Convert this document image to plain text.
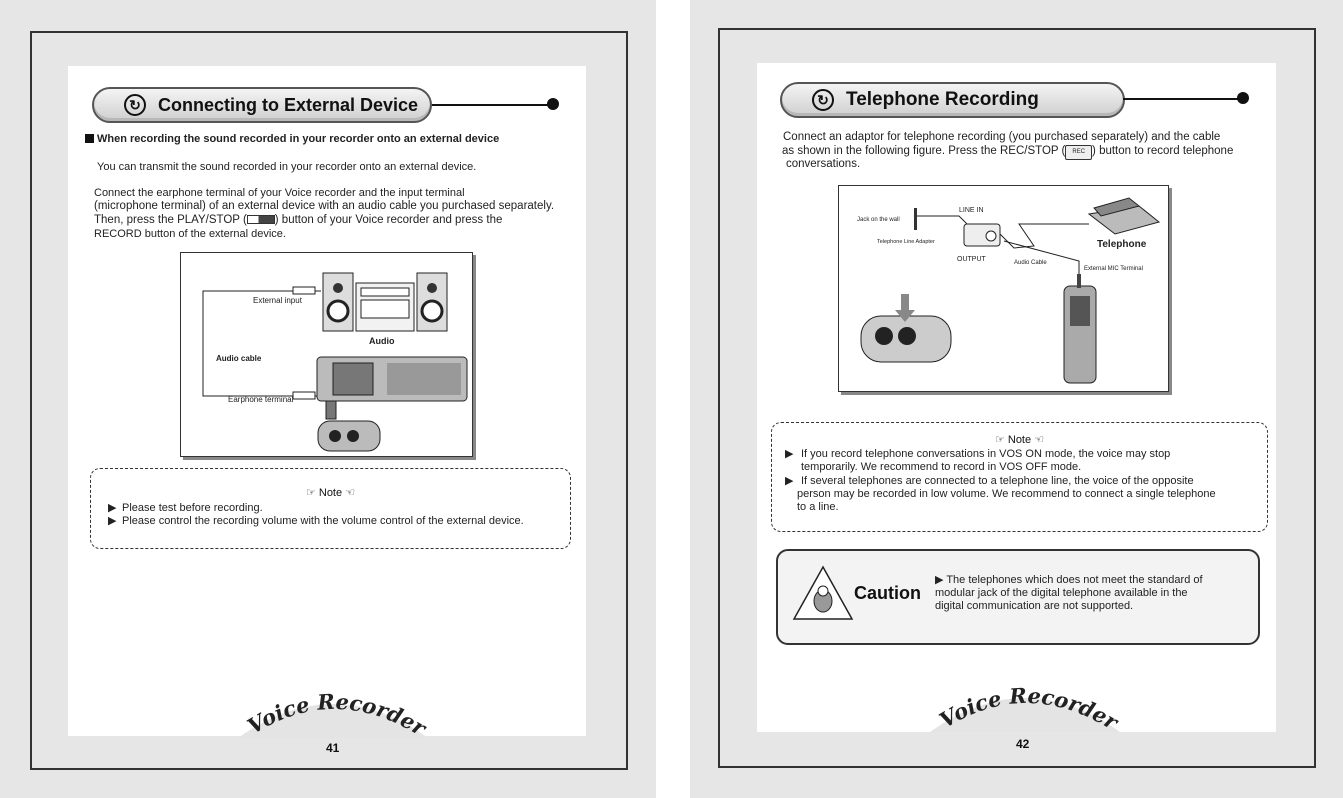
↻ Connecting to External Device
When recording the sound recorded in your recorder onto an external device
You can transmit the sound recorded in your recorder onto an external device.
Connect the earphone terminal of your Voice recorder and the input terminal
(microphone terminal) of an external device with an audio cable you purchased separately.
Then, press the PLAY/STOP ( ) button of your Voice recorder and press the
RECORD button of the external device.
External input
Audio
Audio cable
Earphone terminal
☞ Note ☜
▶ Please test before recording.
▶ Please control the recording volume with the volume control of the external device.
Voice Recorder
41
↻ Telephone Recording
Connect an adaptor for telephone recording (you purchased separately) and the cable
as shown in the following figure. Press the REC/STOP ( REC ) button to record telephone
conversations.
Jack on the wall
LINE IN
Telephone Line Adapter
OUTPUT	Audio Cable
Telephone
External MIC Terminal
☞ Note ☜
▶ If you record telephone conversations in VOS ON mode, the voice may stop
temporarily. We recommend to record in VOS OFF mode.
▶ If several telephones are connected to a telephone line, the voice of the opposite
person may be recorded in low volume. We recommend to connect a single telephone
to a line.
Caution
▶ The telephones which does not meet the standard of
modular jack of the digital telephone available in the
digital communication are not supported.
Voice Recorder
42
